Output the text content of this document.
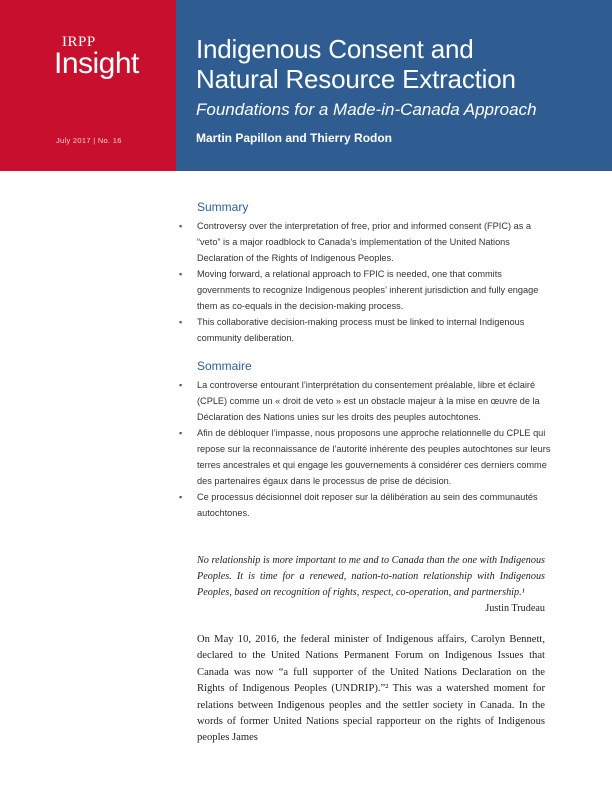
IRPP
Insight
July 2017 | No. 16
Indigenous Consent and
Natural Resource Extraction
Foundations for a Made-in-Canada Approach
Martin Papillon and Thierry Rodon
Summary
▪ Controversy over the interpretation of free, prior and informed consent (FPIC) as a “veto” is a major roadblock to Canada’s implementation of the United Nations Declaration of the Rights of Indigenous Peoples.
▪ Moving forward, a relational approach to FPIC is needed, one that commits governments to recognize Indigenous peoples’ inherent jurisdiction and fully engage them as co-equals in the decision-making process.
▪ This collaborative decision-making process must be linked to internal Indigenous community deliberation.
Sommaire
▪ La controverse entourant l’interprétation du consentement préalable, libre et éclairé (CPLE) comme un « droit de veto » est un obstacle majeur à la mise en œuvre de la Déclaration des Nations unies sur les droits des peuples autochtones.
▪ Afin de débloquer l’impasse, nous proposons une approche relationnelle du CPLE qui repose sur la reconnaissance de l’autorité inhérente des peuples autochtones sur leurs terres ancestrales et qui engage les gouvernements à considérer ces derniers comme des partenaires égaux dans le processus de prise de décision.
▪ Ce processus décisionnel doit reposer sur la délibération au sein des communautés autochtones.
No relationship is more important to me and to Canada than the one with Indigenous Peoples. It is time for a renewed, nation-to-nation relationship with Indigenous Peoples, based on recognition of rights, respect, co-operation, and partnership.¹
Justin Trudeau
On May 10, 2016, the federal minister of Indigenous affairs, Carolyn Bennett, declared to the United Nations Permanent Forum on Indigenous Issues that Canada was now “a full supporter of the United Nations Declaration on the Rights of Indigenous Peoples (UNDRIP).”² This was a watershed moment for relations between Indigenous peoples and the settler society in Canada. In the words of former United Nations special rapporteur on the rights of Indigenous peoples James
